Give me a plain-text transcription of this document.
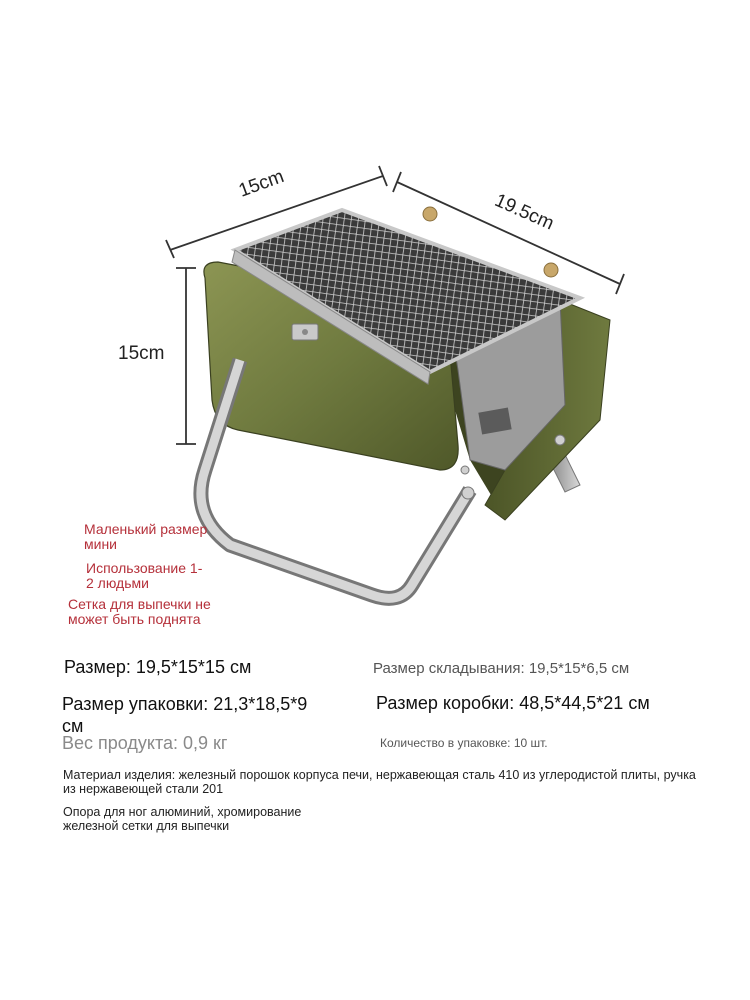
15cm
19.5cm
15cm
Маленький размер
мини
Использование 1-
2 людьми
Сетка для выпечки не
может быть поднята
Размер: 19,5*15*15 см	Размер складывания: 19,5*15*6,5 см
Размер упаковки: 21,3*18,5*9
см
Размер коробки: 48,5*44,5*21 см
Вес продукта: 0,9 кг	Количество в упаковке: 10 шт.
Материал изделия: железный порошок корпуса печи, нержавеющая сталь 410 из углеродистой плиты, ручка
из нержавеющей стали 201
Опора для ног алюминий, хромирование
железной сетки для выпечки
